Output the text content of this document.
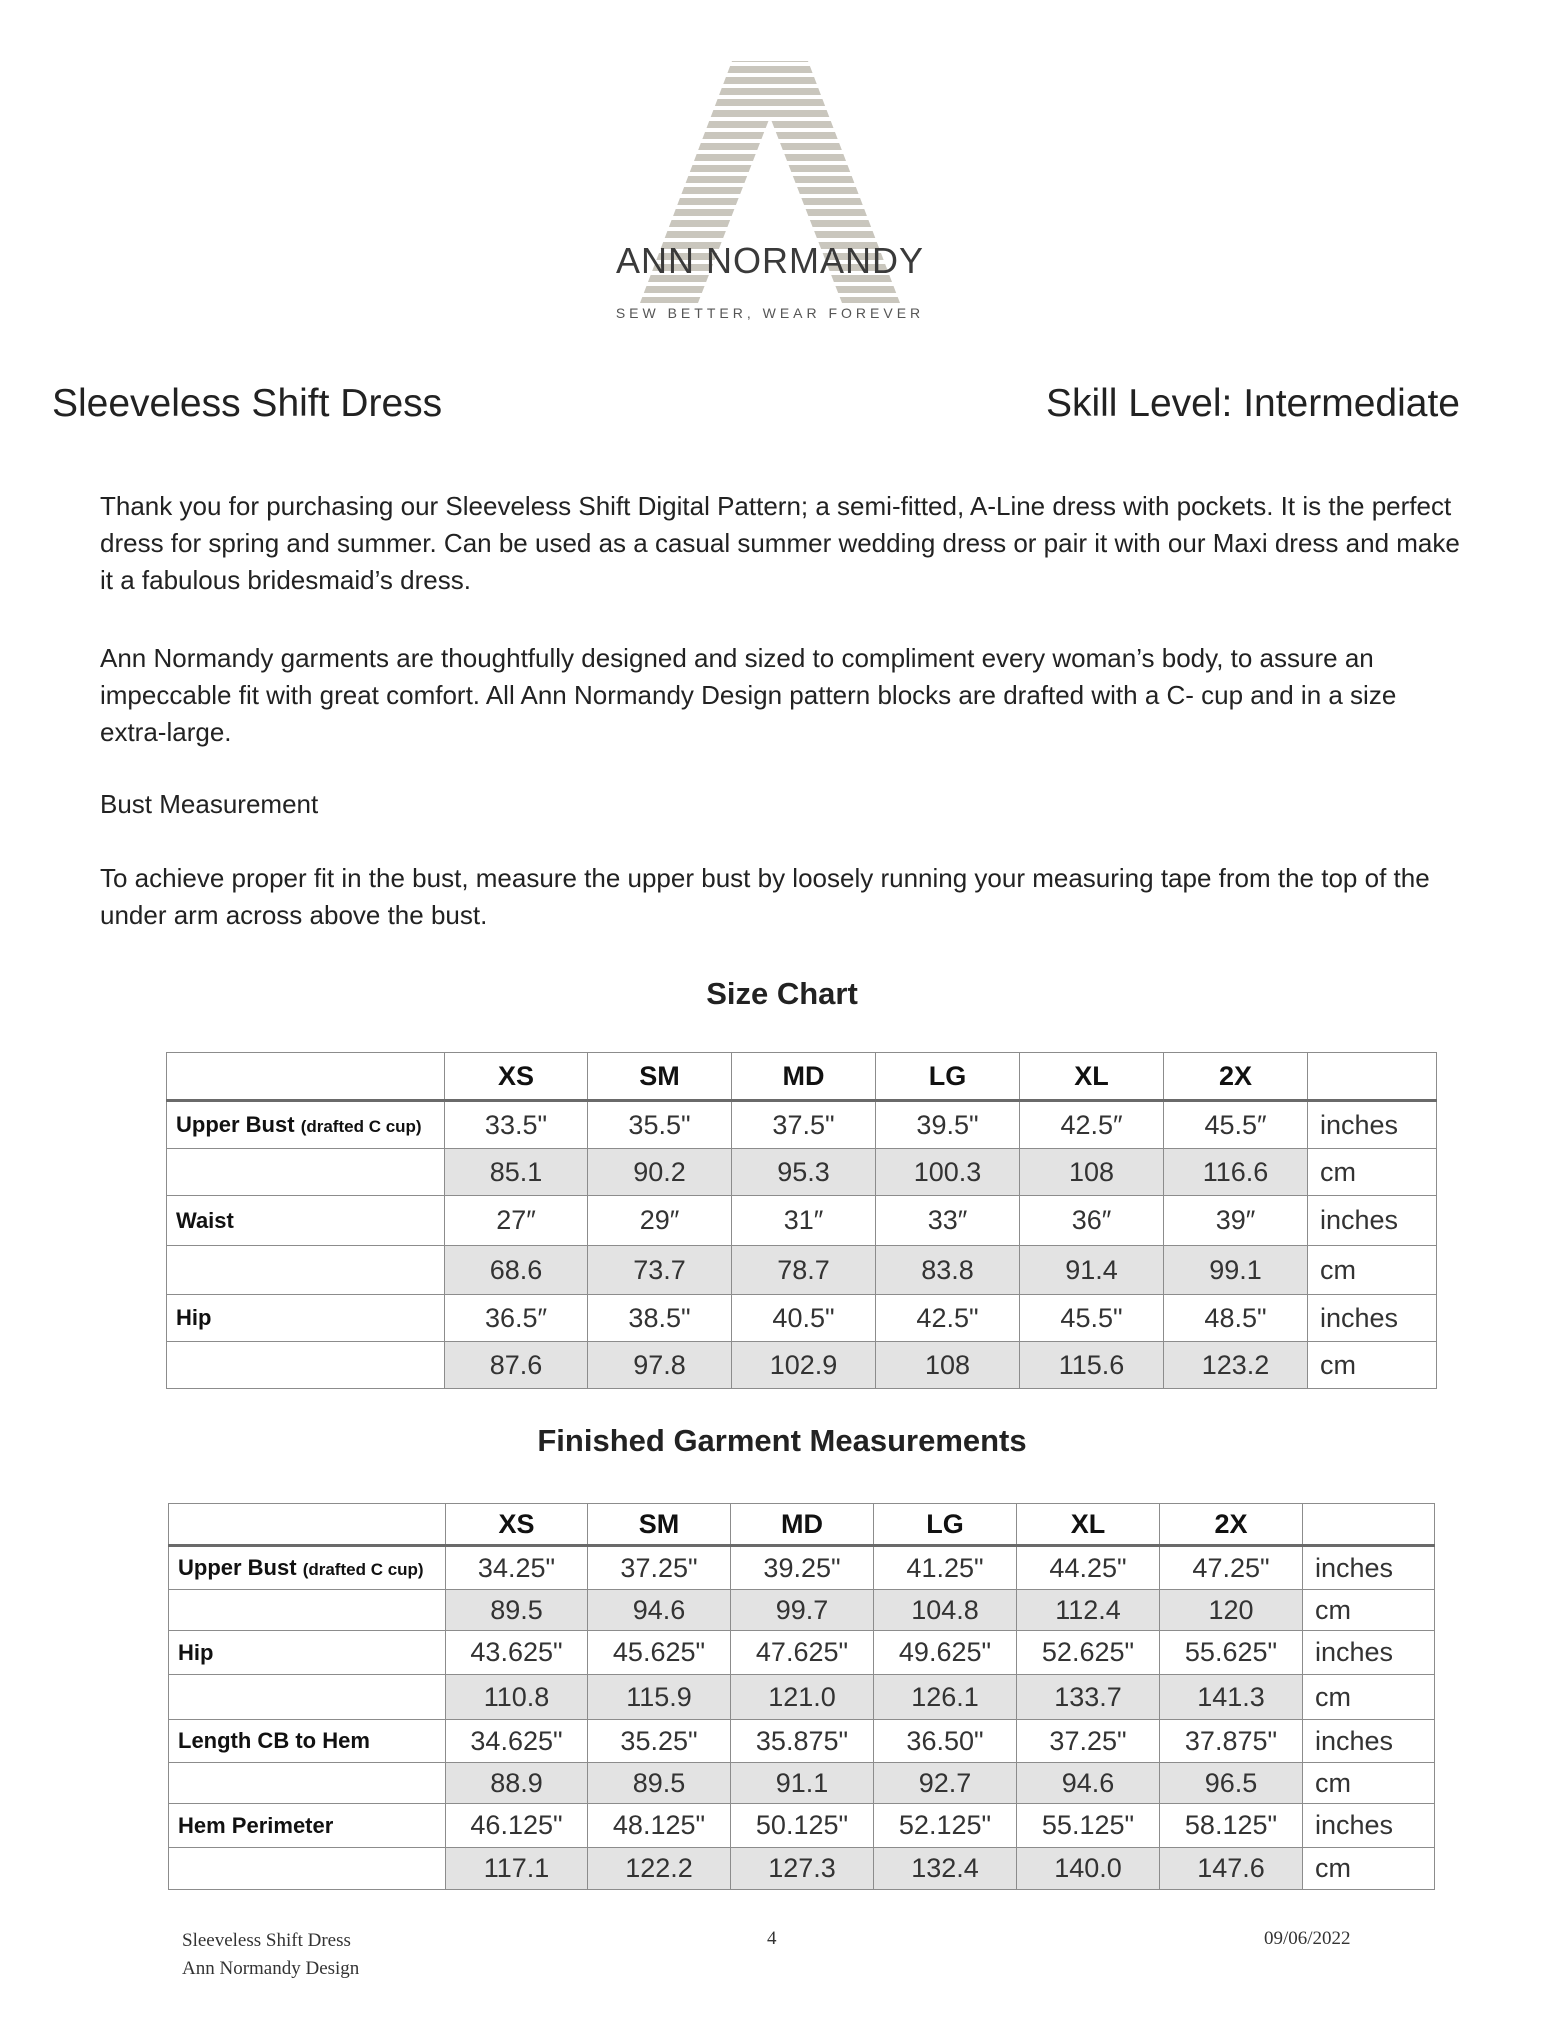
ANN NORMANDY
SEW BETTER, WEAR FOREVER
Sleeveless Shift Dress	Skill Level: Intermediate
Thank you for purchasing our Sleeveless Shift Digital Pattern; a semi-fitted, A-Line dress with pockets. It is the perfect dress for spring and summer. Can be used as a casual summer wedding dress or pair it with our Maxi dress and make it a fabulous bridesmaid’s dress.
Ann Normandy garments are thoughtfully designed and sized to compliment every woman’s body, to assure an impeccable fit with great comfort. All Ann Normandy Design pattern blocks are drafted with a C- cup and in a size extra-large.
Bust Measurement
To achieve proper fit in the bust, measure the upper bust by loosely running your measuring tape from the top of the under arm across above the bust.
Size Chart
	XS	SM	MD	LG	XL	2X	
Upper Bust (drafted C cup)	33.5"	35.5"	37.5"	39.5"	42.5″	45.5″	inches
	85.1	90.2	95.3	100.3	108	116.6	cm
Waist	27″	29″	31″	33″	36″	39″	inches
	68.6	73.7	78.7	83.8	91.4	99.1	cm
Hip	36.5″	38.5"	40.5"	42.5"	45.5"	48.5"	inches
	87.6	97.8	102.9	108	115.6	123.2	cm
Finished Garment Measurements
	XS	SM	MD	LG	XL	2X	
Upper Bust (drafted C cup)	34.25"	37.25"	39.25"	41.25"	44.25"	47.25"	inches
	89.5	94.6	99.7	104.8	112.4	120	cm
Hip	43.625"	45.625"	47.625"	49.625"	52.625"	55.625"	inches
	110.8	115.9	121.0	126.1	133.7	141.3	cm
Length CB to Hem	34.625"	35.25"	35.875"	36.50"	37.25"	37.875"	inches
	88.9	89.5	91.1	92.7	94.6	96.5	cm
Hem Perimeter	46.125"	48.125"	50.125"	52.125"	55.125"	58.125"	inches
	117.1	122.2	127.3	132.4	140.0	147.6	cm
Sleeveless Shift Dress
Ann Normandy Design
4	09/06/2022
